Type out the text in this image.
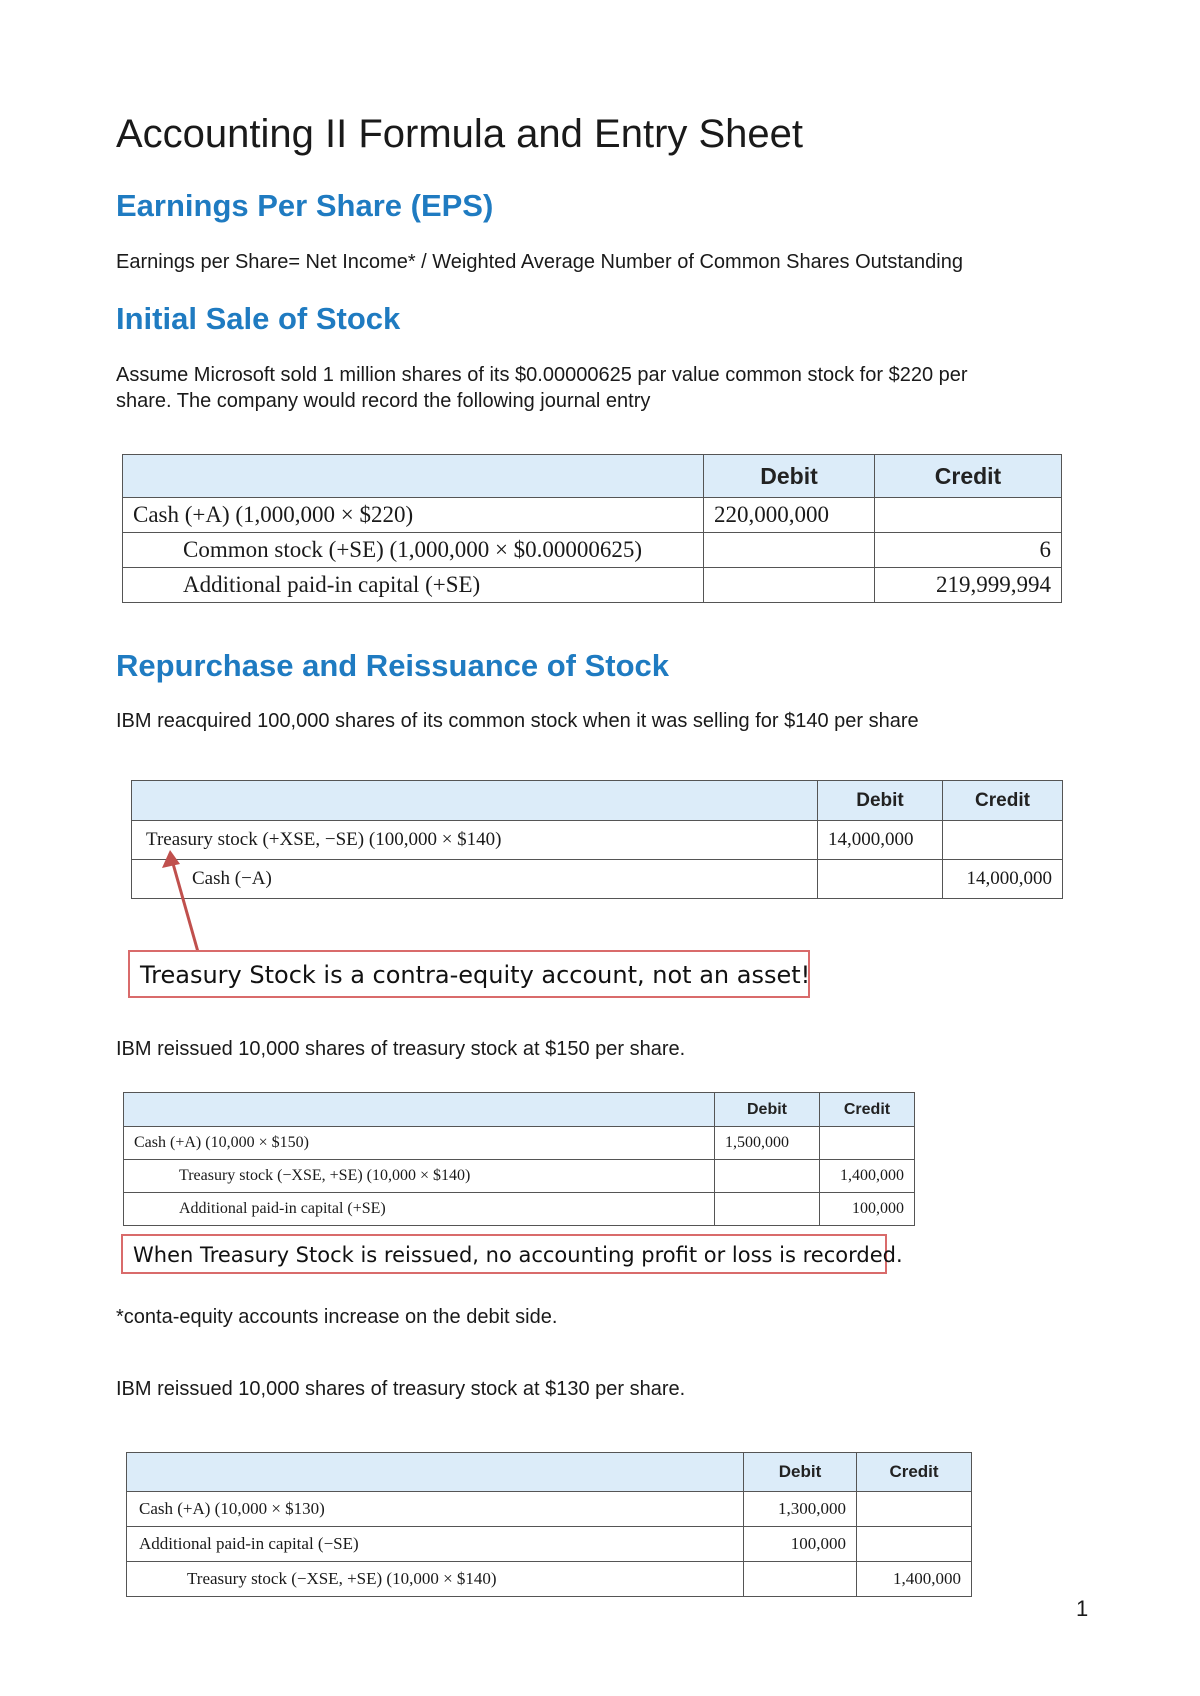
Accounting II Formula and Entry Sheet
Earnings Per Share (EPS)

Earnings per Share= Net Income* / Weighted Average Number of Common Shares Outstanding

Initial Sale of Stock

Assume Microsoft sold 1 million shares of its $0.00000625 par value common stock for $220 per

share. The company would record the following journal entry

	Debit	Credit
Cash (+A) (1,000,000 × $220)	220,000,000	
Common stock (+SE) (1,000,000 × $0.00000625)		6
Additional paid-in capital (+SE)		219,999,994
Repurchase and Reissuance of Stock

IBM reacquired 100,000 shares of its common stock when it was selling for $140 per share

	Debit	Credit
Treasury stock (+XSE, −SE) (100,000 × $140)	14,000,000	
Cash (−A)		14,000,000
Treasury Stock is a contra-equity account, not an asset!

IBM reissued 10,000 shares of treasury stock at $150 per share.

	Debit	Credit
Cash (+A) (10,000 × $150)	1,500,000	
Treasury stock (−XSE, +SE) (10,000 × $140)		1,400,000
Additional paid-in capital (+SE)		100,000
When Treasury Stock is reissued, no accounting profit or loss is recorded.

*conta-equity accounts increase on the debit side.

IBM reissued 10,000 shares of treasury stock at $130 per share.

	Debit	Credit
Cash (+A) (10,000 × $130)	1,300,000	
Additional paid-in capital (−SE)	100,000	
Treasury stock (−XSE, +SE) (10,000 × $140)		1,400,000
1
